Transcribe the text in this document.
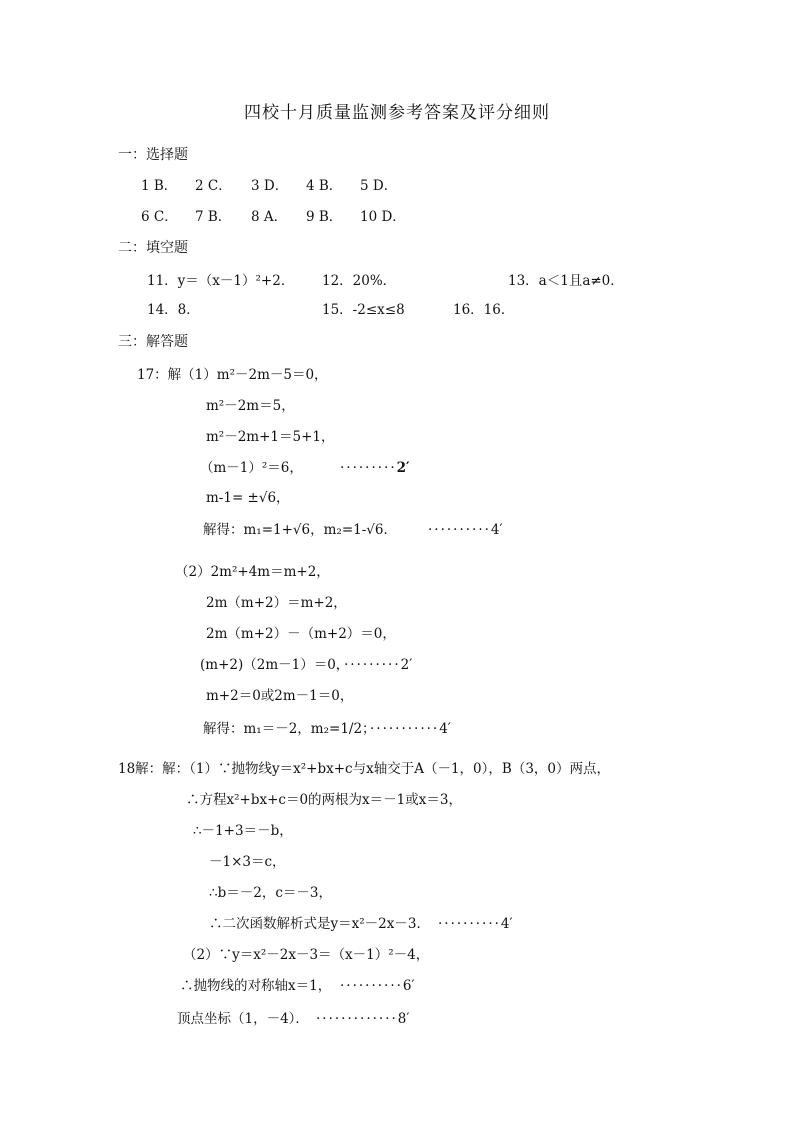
四校十月质量监测参考答案及评分细则
一：选择题
1 B． 2 C． 3 D． 4 B． 5 D．
6 C． 7 B． 8 A． 9 B． 10 D．
二：填空题
11．y＝（x－1）²+2． 12．20%．	13．a＜1且a≠0．
14．8．	15．-2≤x≤8	16．16．
三：解答题
17：解（1）m²－2m－5＝0，
m²－2m＝5，
m²－2m+1＝5+1，
（m－1）²＝6，	·········2′
m-1= ±√6，
解得：m₁=1+√6，m₂=1-√6． ··········4′
（2）2m²+4m＝m+2，
2m（m+2）＝m+2，
2m（m+2）－（m+2）＝0，
(m+2)（2m－1）＝0，
·········2′
m+2＝0或2m－1＝0，
解得：m₁＝－2，m₂=1/2；
···········4′
18解：解：（1）∵抛物线y＝x²+bx+c与x轴交于A（－1，0），B（3，0）两点，
∴方程x²+bx+c＝0的两根为x＝－1或x＝3，
∴－1+3＝－b，
－1×3＝c，
∴b＝－2，c＝－3，
∴二次函数解析式是y＝x²－2x－3． ··········4′
（2）∵y＝x²－2x－3＝（x－1）²－4，
∴抛物线的对称轴x＝1， ··········6′
顶点坐标（1，－4）． ·············8′
